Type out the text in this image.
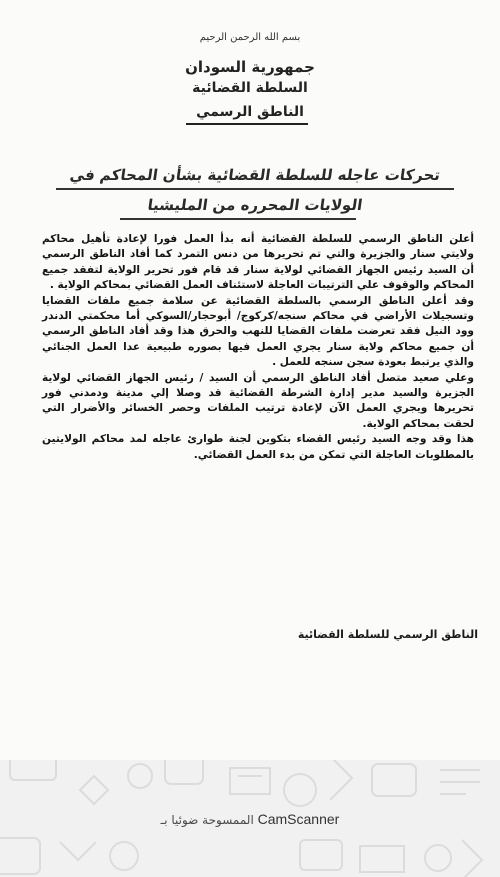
بسم الله الرحمن الرحيم
جمهورية السودان
السلطة القضائية
الناطق الرسمي
تحركات عاجله للسلطة القضائية بشأن المحاكم في
الولايات المحرره من المليشيا

أعلن الناطق الرسمي للسلطة القضائية أنه بدأ العمل فورا لإعادة تأهيل محاكم ولايتي سنار والجزيرة والتي تم تحريرها من دنس التمرد كما أفاد الناطق الرسمي أن السيد رئيس الجهاز القضائي لولاية سنار قد قام فور تحرير الولاية لتفقد جميع المحاكم والوقوف علي الترتيبات العاجلة لاستئناف العمل القضائي بمحاكم الولاية .

وقد أعلن الناطق الرسمي بالسلطة القضائية عن سلامة جميع ملفات القضايا وتسجيلات الأراضي في محاكم سنجه/كركوج/ أبوحجار/السوكي أما محكمتي الدندر وود النيل فقد تعرضت ملفات القضايا للنهب والحرق هذا وقد أفاد الناطق الرسمي أن جميع محاكم ولاية سنار يجري العمل فيها بصوره طبيعية عدا العمل الجنائي والذي يرتبط بعودة سجن سنجه للعمل .

وعلي صعيد متصل أفاد الناطق الرسمي أن السيد / رئيس الجهاز القضائي لولاية الجزيرة والسيد مدير إدارة الشرطة القضائية قد وصلا إلي مدينة ودمدني فور تحريرها ويجري العمل الآن لإعادة ترتيب الملفات وحصر الخسائر والأضرار التي لحقت بمحاكم الولاية.

هذا وقد وجه السيد رئيس القضاء بتكوين لجنة طوارئ عاجله لمد محاكم الولايتين بالمطلوبات العاجلة التي تمكن من بدء العمل القضائي.

الناطق الرسمي للسلطة القضائية
الممسوحة ضوئيا بـ CamScanner
